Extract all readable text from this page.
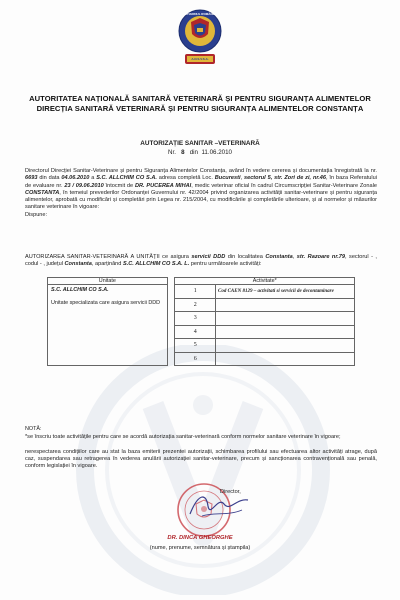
GUVERNUL ROMÂNIEI
A.N.S.V.S.A.
AUTORITATEA NAȚIONALĂ SANITARĂ VETERINARĂ ȘI PENTRU SIGURANȚA ALIMENTELOR
DIRECȚIA SANITARĂ VETERINARĂ ȘI PENTRU SIGURANȚA ALIMENTELOR CONSTANȚA
AUTORIZAȚIE SANITAR –VETERINARĂ
Nr. 8 din 11.06.2010
Directorul Direcției Sanitar-Veterinare și pentru Siguranța Alimentelor Constanța, având în vedere cererea și documentația înregistrată la nr. 6693 din data 04.06.2010 a S.C. ALLCHIM CO S.A. adresa completă Loc. Bucuresti, sectorul 5, str. Zori de zi, nr.46, în baza Referatului de evaluare nr. 23 / 09.06.2010 întocmit de DR. PUCEREA MIHAI, medic veterinar oficial în cadrul Circumscripției Sanitar-Veterinare Zonale CONSTANTA, în temeiul prevederilor Ordonanței Guvernului nr. 42/2004 privind organizarea activității sanitar-veterinare și pentru siguranța alimentelor, aprobată cu modificări și completări prin Legea nr. 215/2004, cu modificările și completările ulterioare, și al normelor și măsurilor sanitare veterinare în vigoare:
Dispune:
AUTORIZAREA SANITAR-VETERINARĂ A UNITĂȚII ce asigura servicii DDD din localitatea Constanta, str. Razoare nr.79, sectorul - , codul - , județul Constanta, aparținând S.C. ALLCHIM CO S.A. L. pentru următoarele activități:
Unitate		Activitate*	

S.C. ALLCHIM CO S.A.
Unitate specializata care asigura servicii DDD		1	Cod CAEN 8129 – activitati si servicii de decontaminare
		2	
		3	
		4	
		5	
		6	
NOTĂ:
*se înscriu toate activitățile pentru care se acordă autorizația sanitar-veterinară conform normelor sanitare veterinare în vigoare;
nerespectarea condițiilor care au stat la baza emiterii prezentei autorizații, schimbarea profilului sau efectuarea altor activități atrage, după caz, suspendarea sau retragerea în vederea anulării autorizației sanitar-veterinare, precum și sancționarea contravențională sau penală, conform legislației în vigoare.
Director,
DR. DINCA GHEORGHE
(nume, prenume, semnătura și ștampila)
